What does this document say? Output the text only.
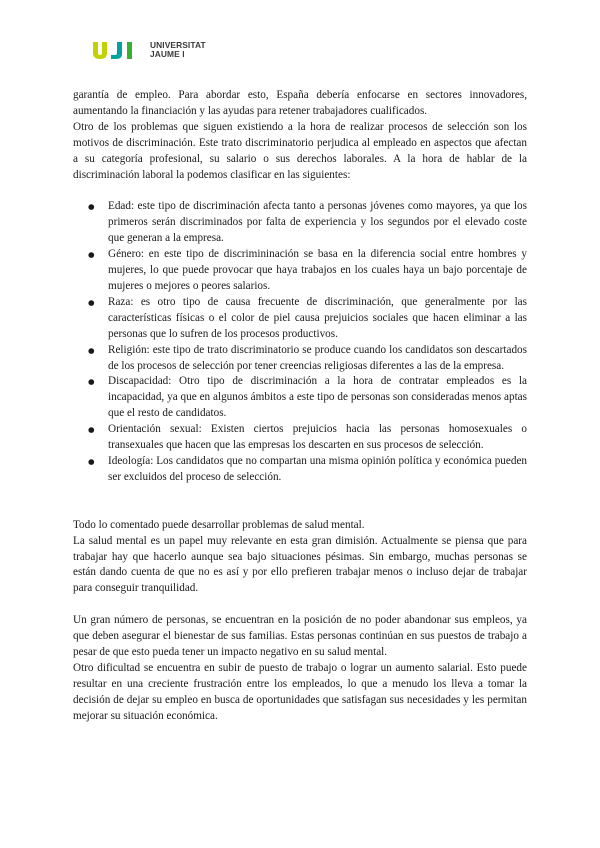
UNIVERSITAT
JAUME I

garantía de empleo. Para abordar esto, España debería enfocarse en sectores innovadores, aumentando la financiación y las ayudas para retener trabajadores cualificados.

Otro de los problemas que siguen existiendo a la hora de realizar procesos de selección son los motivos de discriminación. Este trato discriminatorio perjudica al empleado en aspectos que afectan a su categoría profesional, su salario o sus derechos laborales. A la hora de hablar de la discriminación laboral la podemos clasificar en las siguientes:

● Edad: este tipo de discriminación afecta tanto a personas jóvenes como mayores, ya que los primeros serán discriminados por falta de experiencia y los segundos por el elevado coste que generan a la empresa.
● Género: en este tipo de discrimininación se basa en la diferencia social entre hombres y mujeres, lo que puede provocar que haya trabajos en los cuales haya un bajo porcentaje de mujeres o mejores o peores salarios.
● Raza: es otro tipo de causa frecuente de discriminación, que generalmente por las características físicas o el color de piel causa prejuicios sociales que hacen eliminar a las personas que lo sufren de los procesos productivos.
● Religión: este tipo de trato discriminatorio se produce cuando los candidatos son descartados de los procesos de selección por tener creencias religiosas diferentes a las de la empresa.
● Discapacidad: Otro tipo de discriminación a la hora de contratar empleados es la incapacidad, ya que en algunos ámbitos a este tipo de personas son consideradas menos aptas que el resto de candidatos.
● Orientación sexual: Existen ciertos prejuicios hacia las personas homosexuales o transexuales que hacen que las empresas los descarten en sus procesos de selección.
● Ideología: Los candidatos que no compartan una misma opinión política y económica pueden ser excluidos del proceso de selección.

Todo lo comentado puede desarrollar problemas de salud mental.

La salud mental es un papel muy relevante en esta gran dimisión. Actualmente se piensa que para trabajar hay que hacerlo aunque sea bajo situaciones pésimas. Sin embargo, muchas personas se están dando cuenta de que no es así y por ello prefieren trabajar menos o incluso dejar de trabajar para conseguir tranquilidad.

Un gran número de personas, se encuentran en la posición de no poder abandonar sus empleos, ya que deben asegurar el bienestar de sus familias. Estas personas continúan en sus puestos de trabajo a pesar de que esto pueda tener un impacto negativo en su salud mental.

Otro dificultad se encuentra en subir de puesto de trabajo o lograr un aumento salarial. Esto puede resultar en una creciente frustración entre los empleados, lo que a menudo los lleva a tomar la decisión de dejar su empleo en busca de oportunidades que satisfagan sus necesidades y les permitan mejorar su situación económica.
